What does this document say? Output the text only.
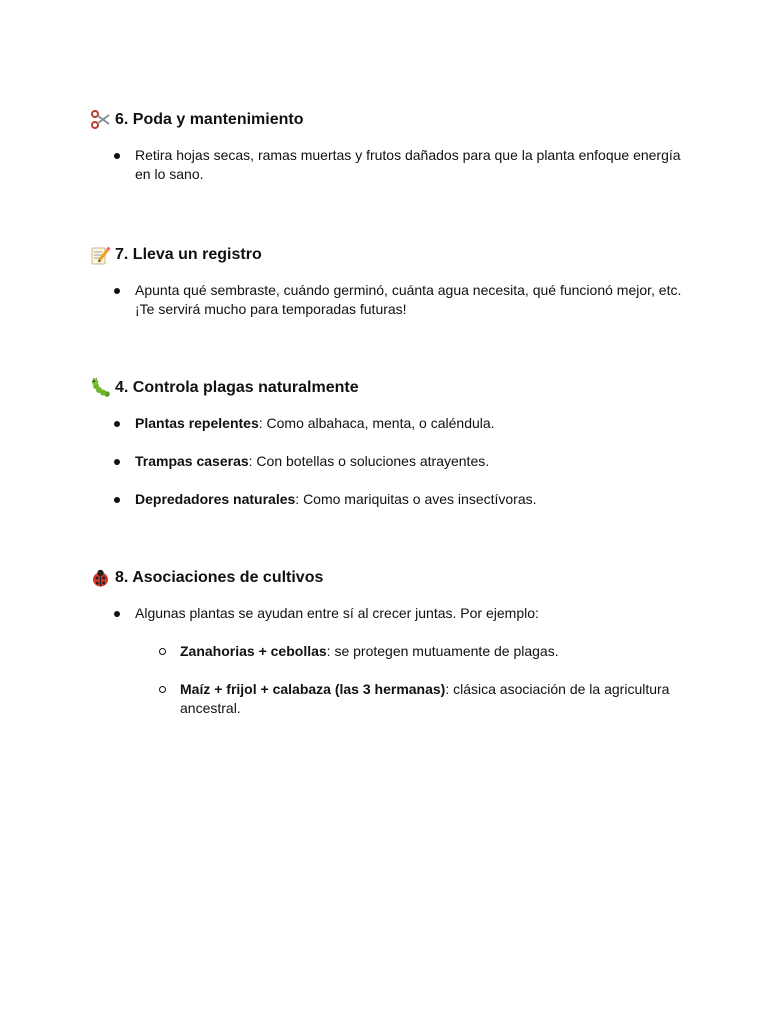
6. Poda y mantenimiento
Retira hojas secas, ramas muertas y frutos dañados para que la planta enfoque energía en lo sano.
7. Lleva un registro
Apunta qué sembraste, cuándo germinó, cuánta agua necesita, qué funcionó mejor, etc. ¡Te servirá mucho para temporadas futuras!
4. Controla plagas naturalmente
Plantas repelentes: Como albahaca, menta, o caléndula.
Trampas caseras: Con botellas o soluciones atrayentes.
Depredadores naturales: Como mariquitas o aves insectívoras.
8. Asociaciones de cultivos
Algunas plantas se ayudan entre sí al crecer juntas. Por ejemplo:
Zanahorias + cebollas: se protegen mutuamente de plagas.
Maíz + frijol + calabaza (las 3 hermanas): clásica asociación de la agricultura ancestral.
